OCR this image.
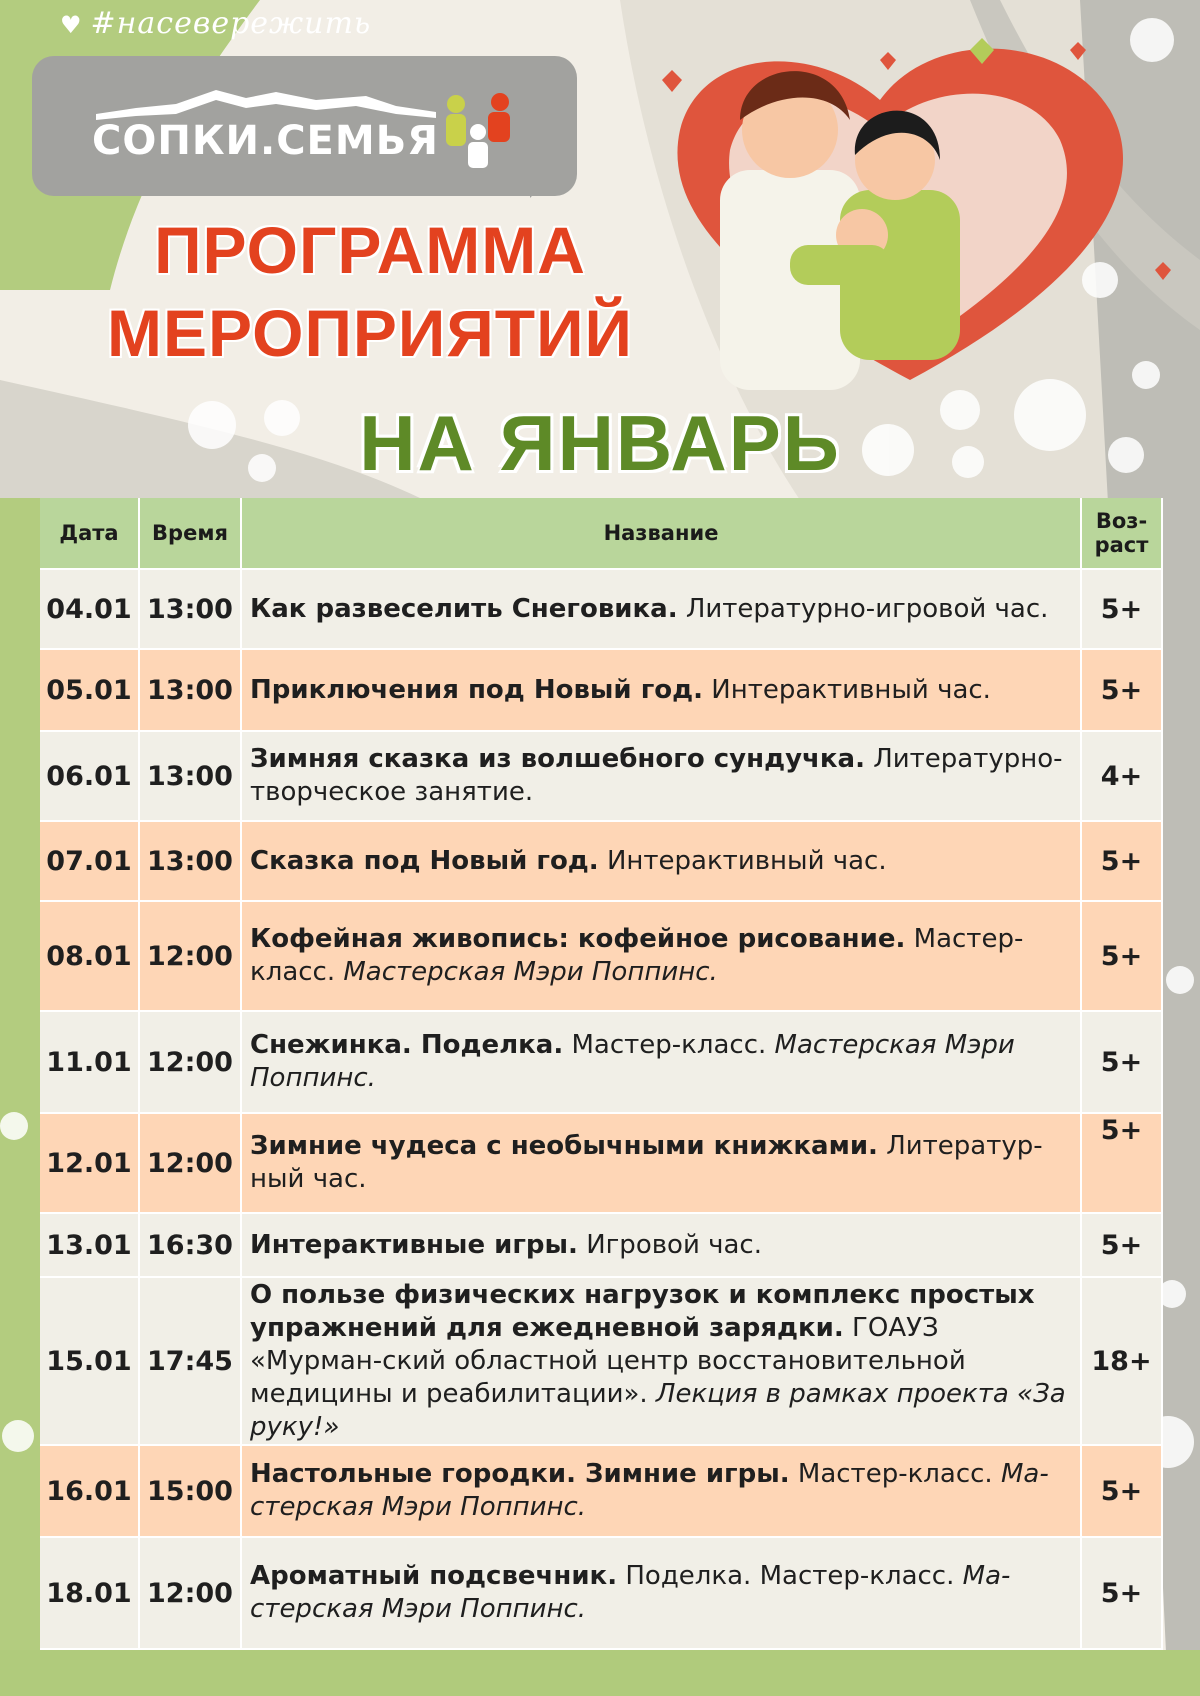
♥ #насевережить
СОПКИ.СЕМЬЯ
ПРОГРАММА
МЕРОПРИЯТИЙ
НА ЯНВАРЬ
Дата	Время	Название	Воз-
раст
04.01	13:00	Как развеселить Снеговика. Литературно-игровой час.	5+
05.01	13:00	Приключения под Новый год. Интерактивный час.	5+
06.01	13:00	Зимняя сказка из волшебного сундучка. Литературно-творческое занятие.	4+
07.01	13:00	Сказка под Новый год. Интерактивный час.	5+
08.01	12:00	Кофейная живопись: кофейное рисование. Мастер-класс. Мастерская Мэри Поппинс.	5+
11.01	12:00	Снежинка. Поделка. Мастер-класс. Мастерская Мэри Поппинс.	5+
12.01	12:00	Зимние чудеса с необычными книжками. Литератур-ный час.	5+
13.01	16:30	Интерактивные игры. Игровой час.	5+
15.01	17:45	О пользе физических нагрузок и комплекс простых упражнений для ежедневной зарядки. ГОАУЗ «Мурман-ский областной центр восстановительной медицины и реабилитации». Лекция в рамках проекта «За руку!»	18+
16.01	15:00	Настольные городки. Зимние игры. Мастер-класс. Ма-стерская Мэри Поппинс.	5+
18.01	12:00	Ароматный подсвечник. Поделка. Мастер-класс. Ма-стерская Мэри Поппинс.	5+
